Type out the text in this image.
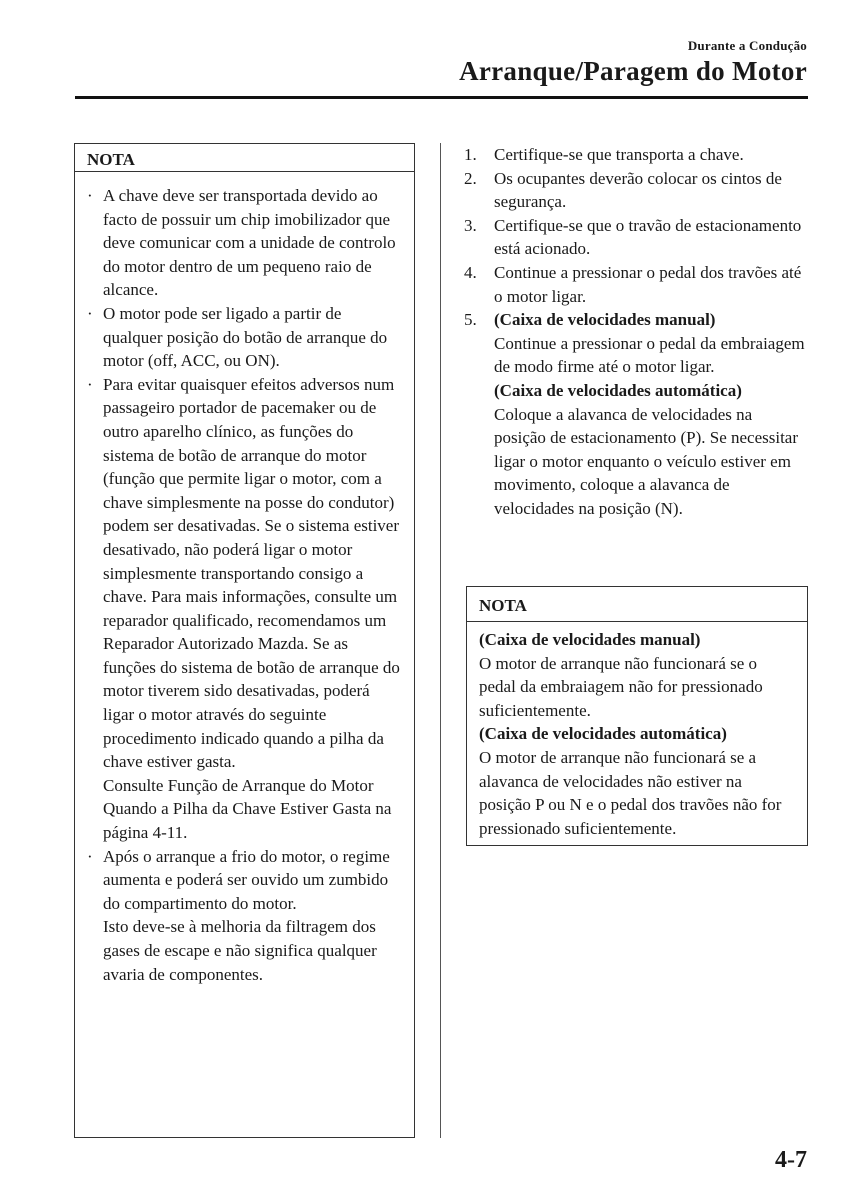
Durante a Condução
Arranque/Paragem do Motor
NOTA
· A chave deve ser transportada devido ao facto de possuir um chip imobilizador que deve comunicar com a unidade de controlo do motor dentro de um pequeno raio de alcance.

· O motor pode ser ligado a partir de qualquer posição do botão de arranque do motor (off, ACC, ou ON).

· Para evitar quaisquer efeitos adversos num passageiro portador de pacemaker ou de outro aparelho clínico, as funções do sistema de botão de arranque do motor (função que permite ligar o motor, com a chave simplesmente na posse do condutor) podem ser desativadas. Se o sistema estiver desativado, não poderá ligar o motor simplesmente transportando consigo a chave. Para mais informações, consulte um reparador qualificado, recomendamos um Reparador Autorizado Mazda. Se as funções do sistema de botão de arranque do motor tiverem sido desativadas, poderá ligar o motor através do seguinte procedimento indicado quando a pilha da chave estiver gasta.

Consulte Função de Arranque do Motor Quando a Pilha da Chave Estiver Gasta na página 4-11.

· Após o arranque a frio do motor, o regime aumenta e poderá ser ouvido um zumbido do compartimento do motor.

Isto deve-se à melhoria da filtragem dos gases de escape e não significa qualquer avaria de componentes.

1.	Certifique-se que transporta a chave.

2.	Os ocupantes deverão colocar os cintos de segurança.

3.	Certifique-se que o travão de estacionamento está acionado.

4.	Continue a pressionar o pedal dos travões até o motor ligar.

5.	(Caixa de velocidades manual)

Continue a pressionar o pedal da embraiagem de modo firme até o motor ligar.

(Caixa de velocidades automática)

Coloque a alavanca de velocidades na posição de estacionamento (P). Se necessitar ligar o motor enquanto o veículo estiver em movimento, coloque a alavanca de velocidades na posição (N).

NOTA

(Caixa de velocidades manual)

O motor de arranque não funcionará se o pedal da embraiagem não for pressionado suficientemente.

(Caixa de velocidades automática)

O motor de arranque não funcionará se a alavanca de velocidades não estiver na posição P ou N e o pedal dos travões não for pressionado suficientemente.

4-7
